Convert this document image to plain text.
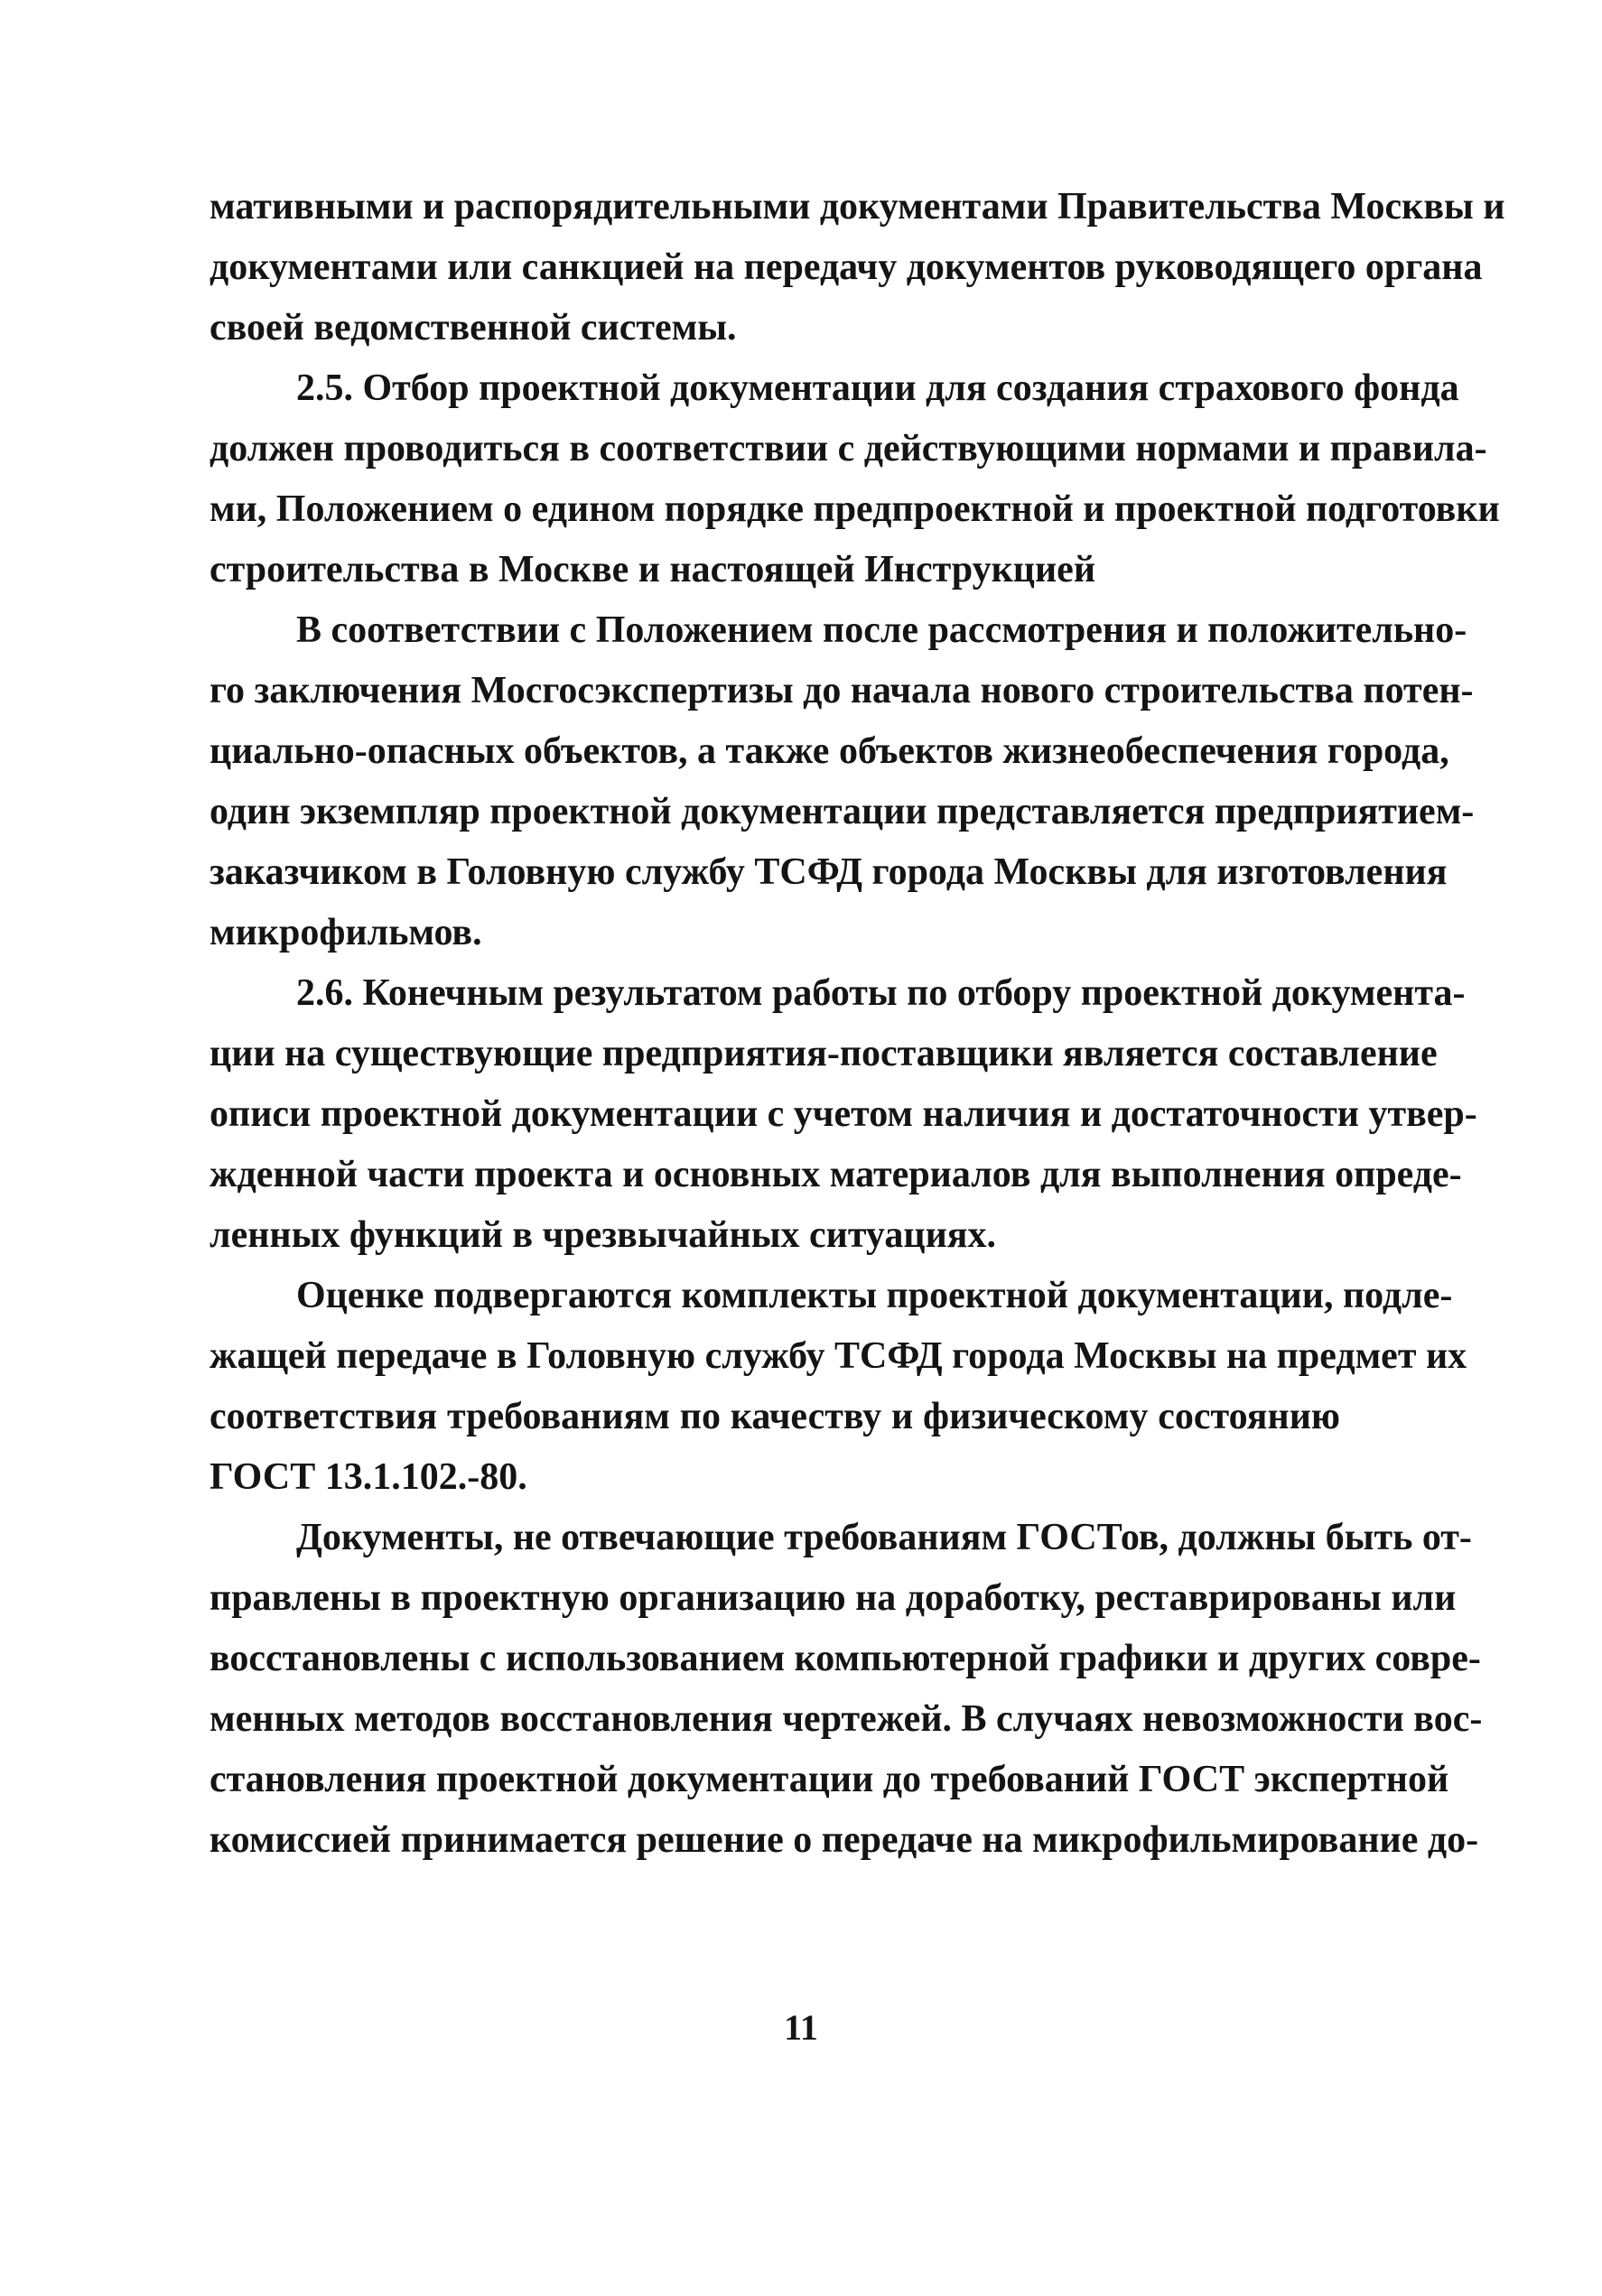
мативными и распорядительными документами Правительства Москвы и
документами или санкцией на передачу документов руководящего органа
своей ведомственной системы.
2.5. Отбор проектной документации для создания страхового фонда
должен проводиться в соответствии с действующими нормами и правила-
ми, Положением о едином порядке предпроектной и проектной подготовки
строительства в Москве и настоящей Инструкцией
В соответствии с Положением после рассмотрения и положительно-
го заключения Мосгосэкспертизы до начала нового строительства потен-
циально-опасных объектов, а также объектов жизнеобеспечения города,
один экземпляр проектной документации представляется предприятием-
заказчиком в Головную службу ТСФД города Москвы для изготовления
микрофильмов.
2.6. Конечным результатом работы по отбору проектной документа-
ции на существующие предприятия-поставщики является составление
описи проектной документации с учетом наличия и достаточности утвер-
жденной части проекта и основных материалов для выполнения опреде-
ленных функций в чрезвычайных ситуациях.
Оценке подвергаются комплекты проектной документации, подле-
жащей передаче в Головную службу ТСФД города Москвы на предмет их
соответствия требованиям по качеству и физическому состоянию
ГОСТ 13.1.102.-80.
Документы, не отвечающие требованиям ГОСТов, должны быть от-
правлены в проектную организацию на доработку, реставрированы или
восстановлены с использованием компьютерной графики и других совре-
менных методов восстановления чертежей. В случаях невозможности вос-
становления проектной документации до требований ГОСТ экспертной
комиссией принимается решение о передаче на микрофильмирование до-
11
